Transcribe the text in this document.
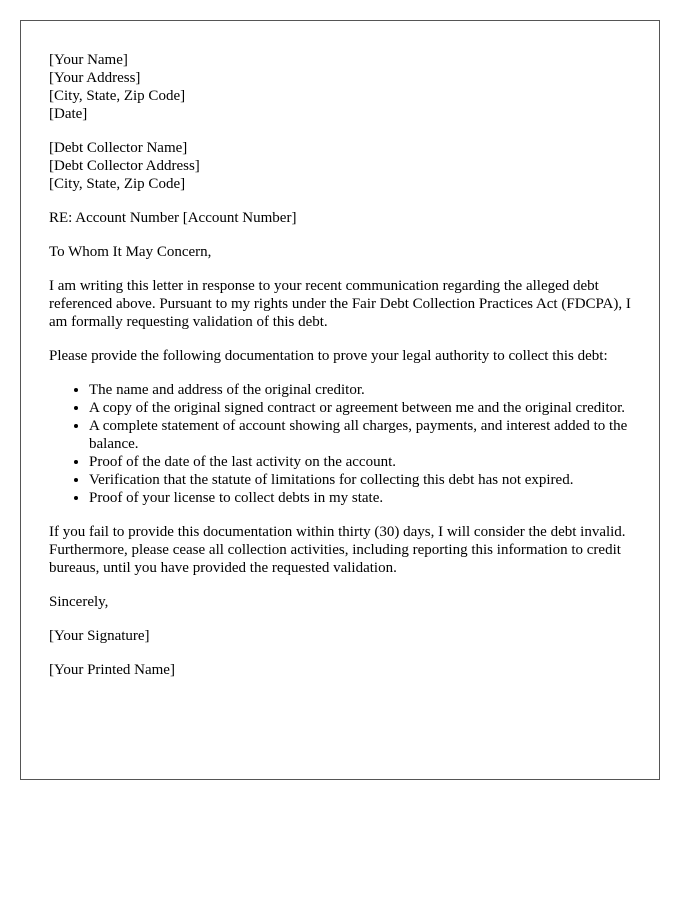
[Your Name]
[Your Address]
[City, State, Zip Code]
[Date]
[Debt Collector Name]
[Debt Collector Address]
[City, State, Zip Code]

RE: Account Number [Account Number]

To Whom It May Concern,

I am writing this letter in response to your recent communication regarding the alleged debt referenced above. Pursuant to my rights under the Fair Debt Collection Practices Act (FDCPA), I am formally requesting validation of this debt.

Please provide the following documentation to prove your legal authority to collect this debt:

• The name and address of the original creditor.
• A copy of the original signed contract or agreement between me and the original creditor.
• A complete statement of account showing all charges, payments, and interest added to the balance.
• Proof of the date of the last activity on the account.
• Verification that the statute of limitations for collecting this debt has not expired.
• Proof of your license to collect debts in my state.

If you fail to provide this documentation within thirty (30) days, I will consider the debt invalid. Furthermore, please cease all collection activities, including reporting this information to credit bureaus, until you have provided the requested validation.

Sincerely,

[Your Signature]

[Your Printed Name]
